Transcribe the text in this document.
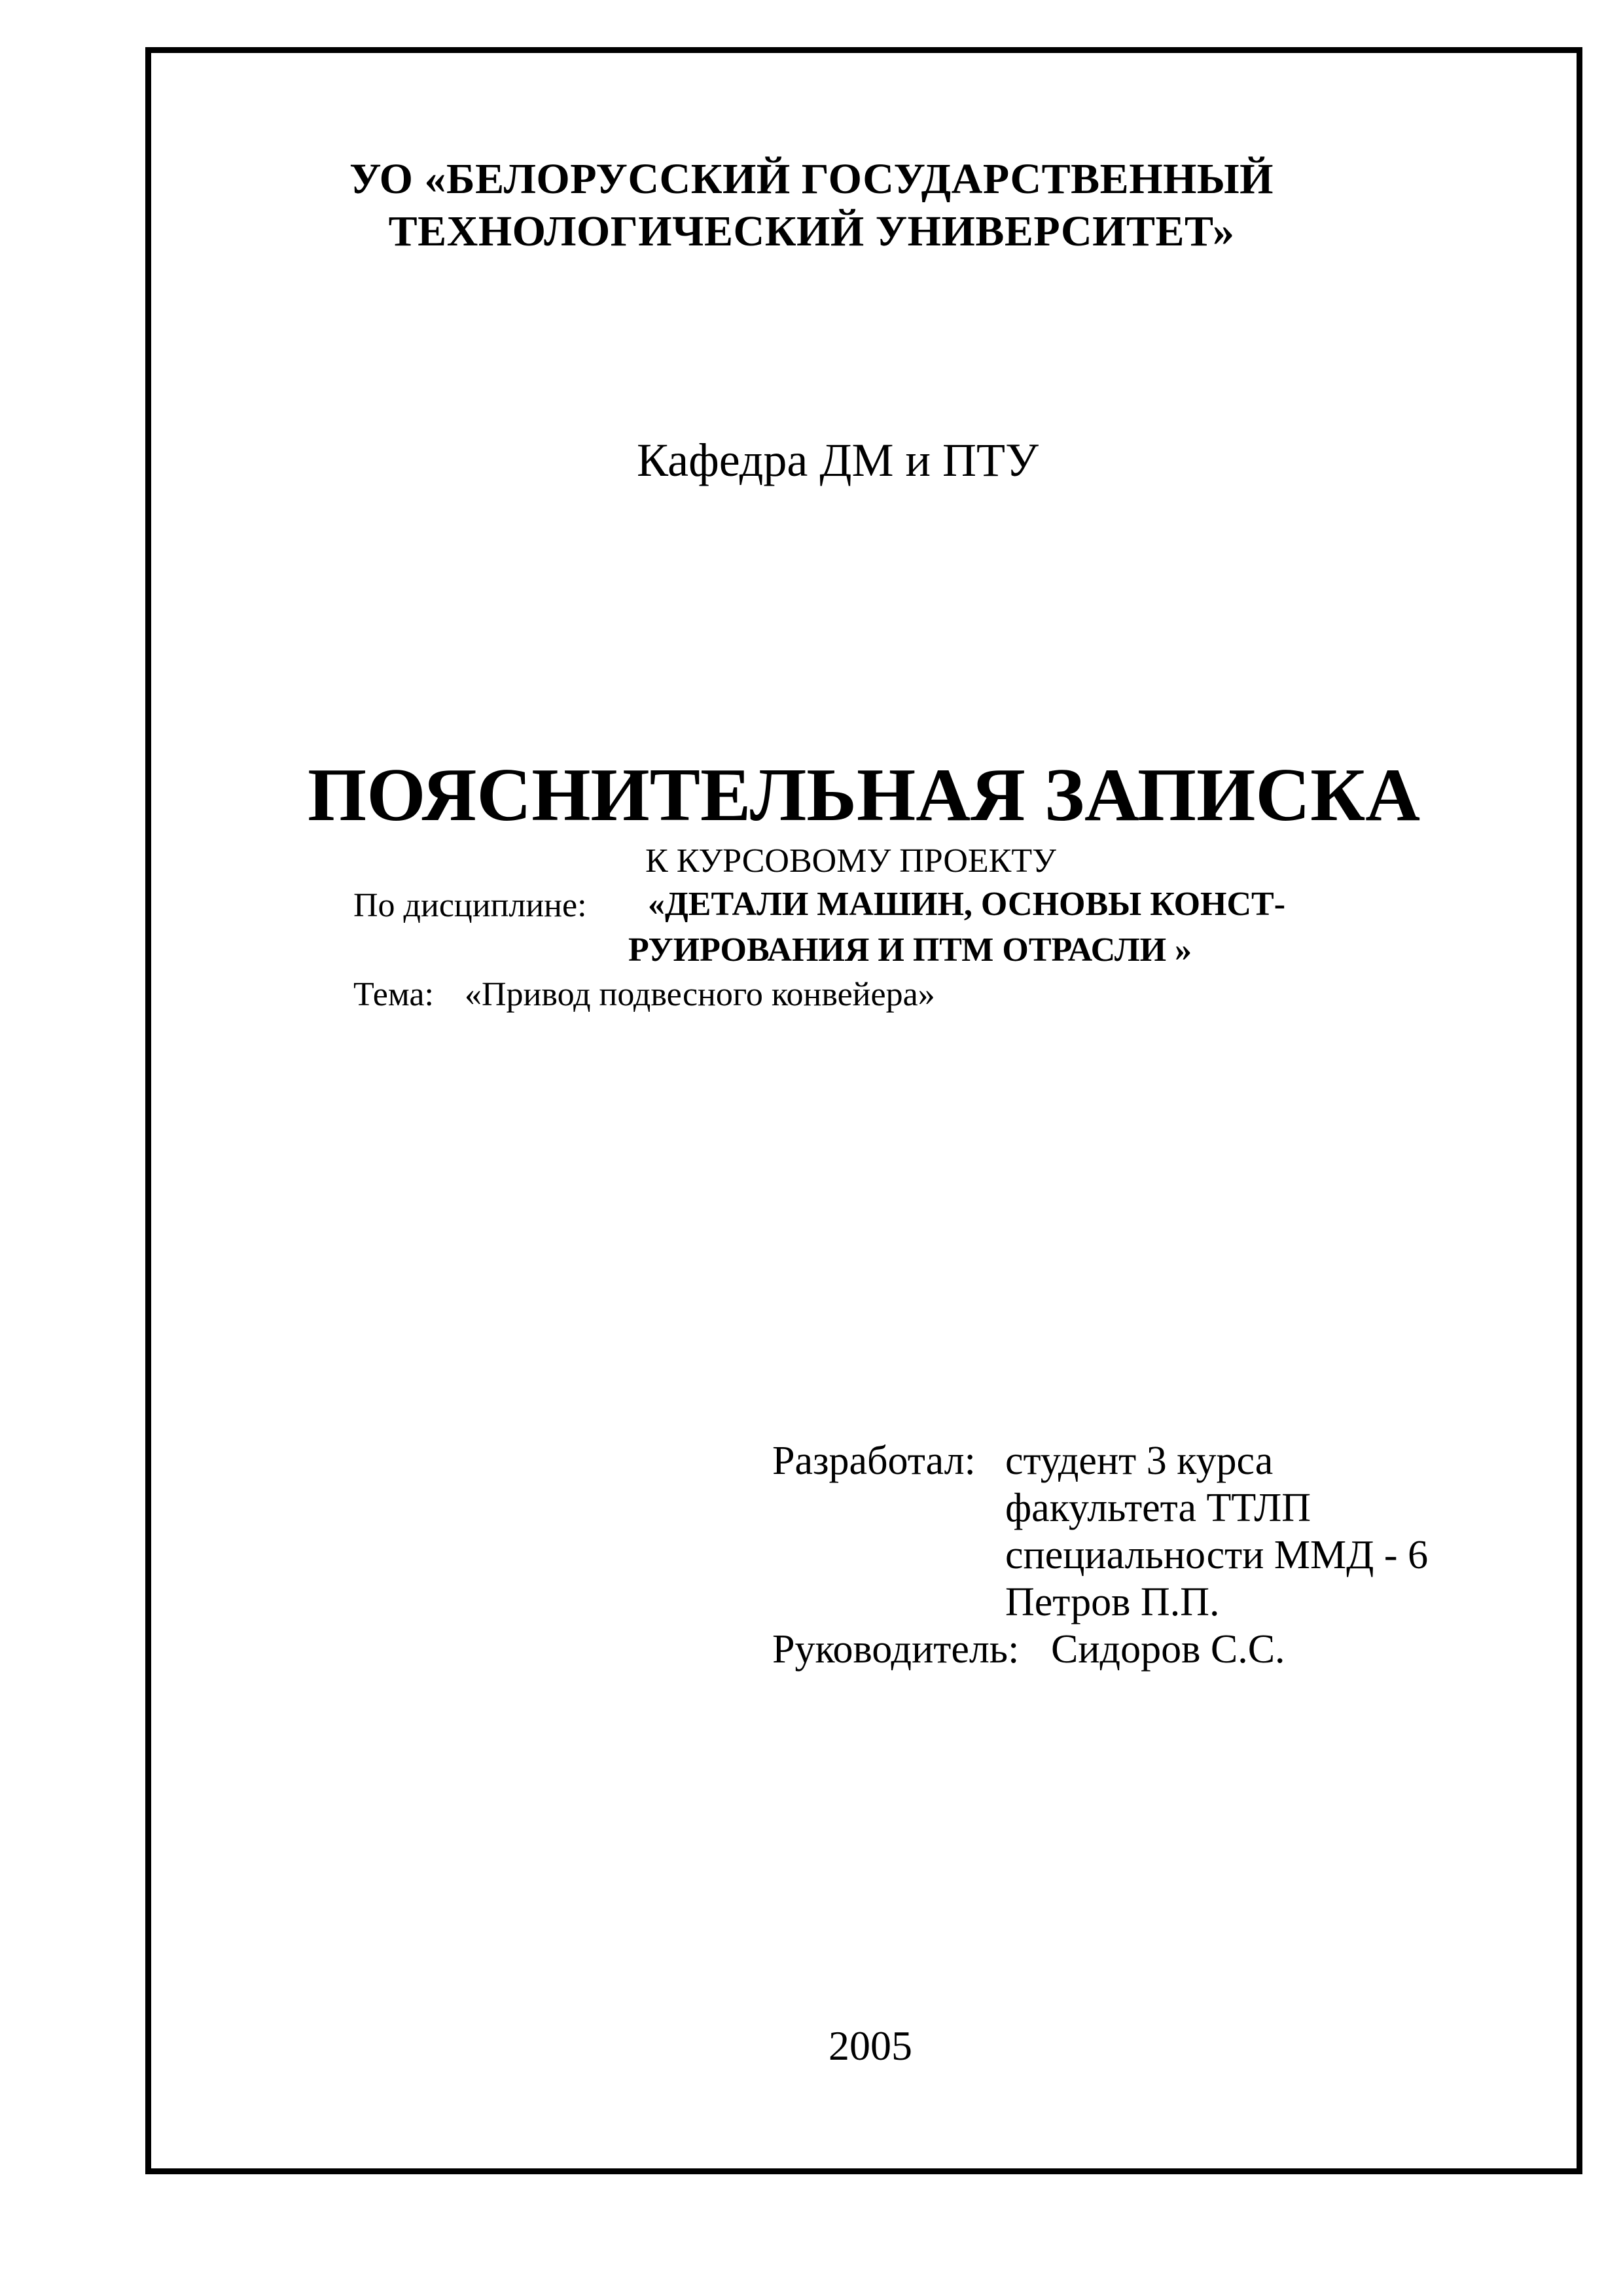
УО «БЕЛОРУССКИЙ ГОСУДАРСТВЕННЫЙ
ТЕХНОЛОГИЧЕСКИЙ УНИВЕРСИТЕТ»
Кафедра ДМ и ПТУ
ПОЯСНИТЕЛЬНАЯ ЗАПИСКА
К КУРСОВОМУ ПРОЕКТУ
По дисциплине: «ДЕТАЛИ МАШИН, ОСНОВЫ КОНСТ-
РУИРОВАНИЯ И ПТМ ОТРАСЛИ »
Тема: «Привод подвесного конвейера»
Разработал: студент 3 курса
факультета ТТЛП
специальности ММД - 6
Петров П.П.
Руководитель: Сидоров С.С.
2005
